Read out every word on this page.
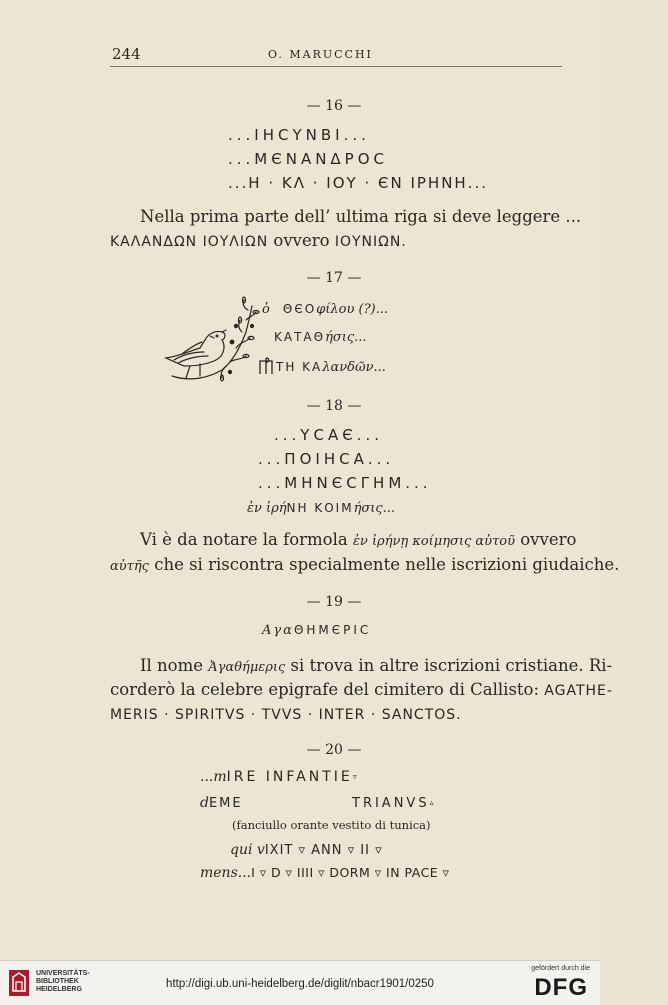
244	O. MARUCCHI
— 16 —
...ΙΗCΥΝΒΙ...
...ΜЄΝΑΝΔΡΟC
...Η · ΚΛ · ΙΟΥ · ЄΝ ΙΡΗΝΗ...
Nella prima parte dell’ ultima riga si deve leggere ...
ΚΑΛΑΝΔΩΝ ΙΟΥΛΙΩΝ ovvero ΙΟΥΝΙΩΝ.
— 17 —
ὁ ΘЄΟφίλου (?)...
ΚΑΤΑΘήσις...
ΤΗ ΚΑλανδῶν...
— 18 —
...ΥCΑЄ...
...ΠΟΙΗCΑ...
...ΜΗΝЄCΓΗΜ...
ἐν ἰρήΝΗ ΚΟΙΜήσις...
Vi è da notare la formola ἐν ἰρήνῃ κοίμησις αὐτοῦ ovvero
αὐτῆς che si riscontra specialmente nelle iscrizioni giudaiche.
— 19 —
ΑγαΘΗΜЄΡΙC
Il nome Ἀγαθήμερις si trova in altre iscrizioni cristiane. Ri-
corderò la celebre epigrafe del cimitero di Callisto: AGATHE-
MERIS · SPIRITVS · TVVS · INTER · SANCTOS.
— 20 —
...mIRE INFANTIE▿
dEME	TRIANVS▵
(fanciullo orante vestito di tunica)
qui vIXIT ▿ ANN ▿ II ▿
mens...I ▿ D ▿ IIII ▿ DORM ▿ IN PACE ▿
UNIVERSITÄTS-
BIBLIOTHEK
HEIDELBERG	http://digi.ub.uni-heidelberg.de/diglit/nbacr1901/0250
gefördert durch die
DFG
